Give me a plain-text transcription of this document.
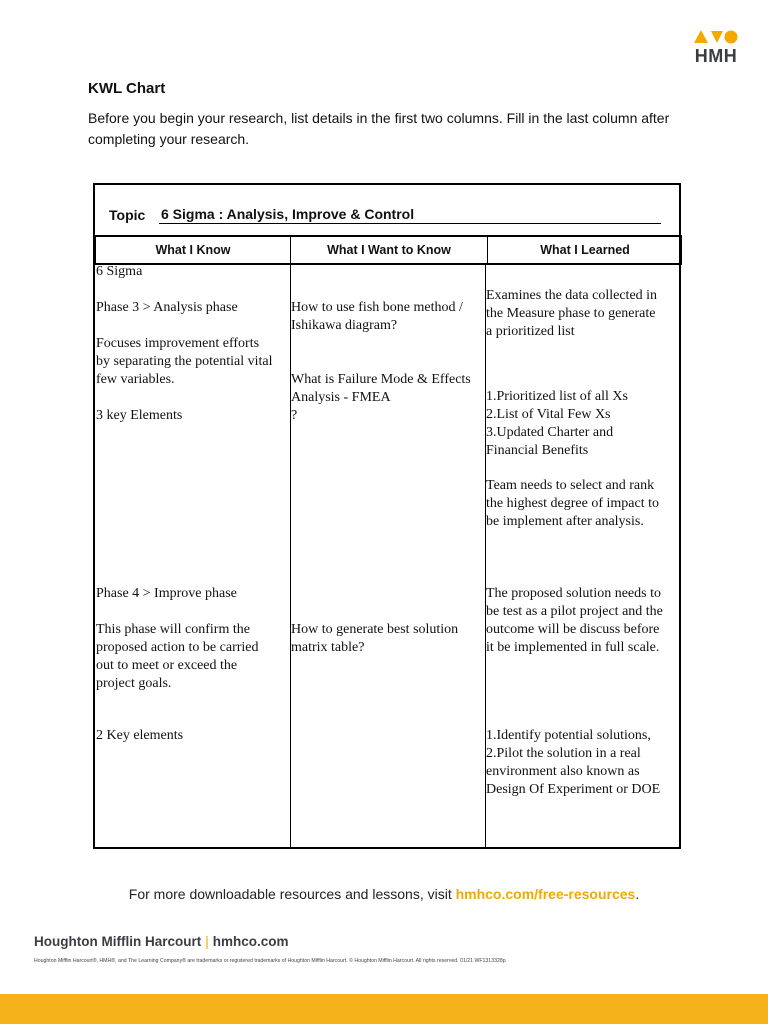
HMH
KWL Chart
Before you begin your research, list details in the first two columns. Fill in the last column after completing your research.
Topic 6 Sigma : Analysis, Improve & Control
What I Know	What I Want to Know	What I Learned
6 Sigma
Phase 3 > Analysis phase
Focuses improvement efforts
by separating the potential vital
few variables.
3 key Elements
Phase 4 > Improve phase
This phase will confirm the
proposed action to be carried
out to meet or exceed the
project goals.
2 Key elements
How to use fish bone method /
Ishikawa diagram?
What is Failure Mode & Effects
Analysis - FMEA
?
How to generate best solution
matrix table?
Examines the data collected in
the Measure phase to generate
a prioritized list
1.Prioritized list of all Xs
2.List of Vital Few Xs
3.Updated Charter and
Financial Benefits
Team needs to select and rank
the highest degree of impact to
be implement after analysis.
The proposed solution needs to
be test as a pilot project and the
outcome will be discuss before
it be implemented in full scale.
1.Identify potential solutions,
2.Pilot the solution in a real
environment also known as
Design Of Experiment or DOE
For more downloadable resources and lessons, visit hmhco.com/free-resources.
Houghton Mifflin Harcourt | hmhco.com
Houghton Mifflin Harcourt®, HMH®, and The Learning Company® are trademarks or registered trademarks of Houghton Mifflin Harcourt. © Houghton Mifflin Harcourt. All rights reserved. 01/21 WF1313328p
